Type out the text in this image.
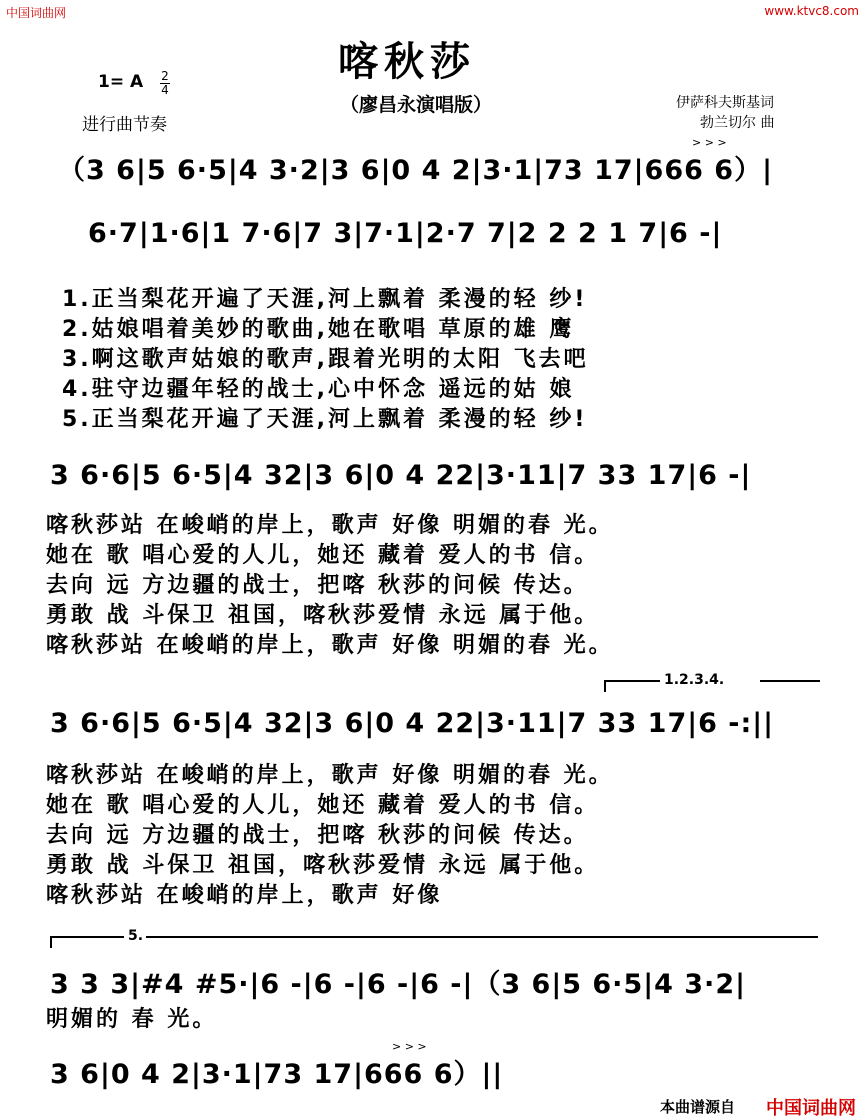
中国词曲网	www.ktvc8.com
喀秋莎
（廖昌永演唱版）
1= A 2
4
进行曲节奏
伊萨科夫斯基词
勃兰切尔 曲
（3 6|5 6·5|4 3·2|3 6|0 4 2|3·1|73 17|666 6）|
> > >
6·7|1·6|1 7·6|7 3|7·1|2·7 7|2 2 2 1 7|6 -|
1.正当梨花开遍了天涯,河上飘着 柔漫的轻 纱!
2.姑娘唱着美妙的歌曲,她在歌唱 草原的雄 鹰
3.啊这歌声姑娘的歌声,跟着光明的太阳 飞去吧
4.驻守边疆年轻的战士,心中怀念 遥远的姑 娘
5.正当梨花开遍了天涯,河上飘着 柔漫的轻 纱!
3 6·6|5 6·5|4 32|3 6|0 4 22|3·11|7 33 17|6 -|
喀秋莎站 在峻峭的岸上，歌声 好像 明媚的春 光。
她在 歌 唱心爱的人儿，她还 藏着 爱人的书 信。
去向 远 方边疆的战士，把喀 秋莎的问候 传达。
勇敢 战 斗保卫 祖国，喀秋莎爱情 永远 属于他。
喀秋莎站 在峻峭的岸上，歌声 好像 明媚的春 光。
1.2.3.4.
3 6·6|5 6·5|4 32|3 6|0 4 22|3·11|7 33 17|6 -:||
喀秋莎站 在峻峭的岸上，歌声 好像 明媚的春 光。
她在 歌 唱心爱的人儿，她还 藏着 爱人的书 信。
去向 远 方边疆的战士，把喀 秋莎的问候 传达。
勇敢 战 斗保卫 祖国，喀秋莎爱情 永远 属于他。
喀秋莎站 在峻峭的岸上，歌声 好像
5.
3 3 3|#4 #5·|6 -|6 -|6 -|6 -|（3 6|5 6·5|4 3·2|
明媚的 春 光。
> > >
3 6|0 4 2|3·1|73 17|666 6）||
本曲谱源自 中国词曲网
